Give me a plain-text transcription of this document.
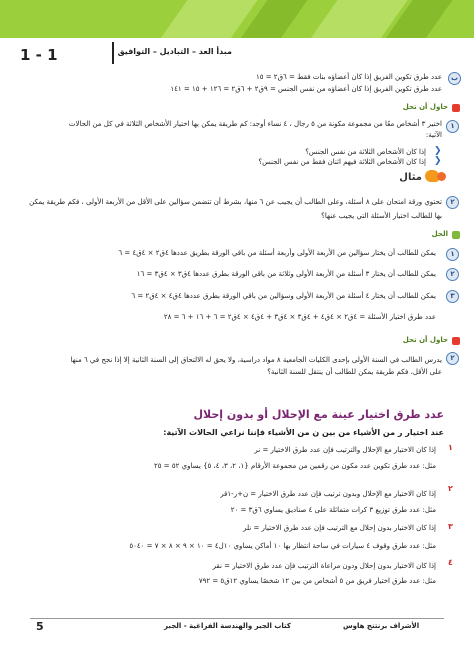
1 - 1	مبدأ العد – التباديل – التوافيق
ب
عدد طرق تكوين الفريق إذا كان أعضاؤه بنات فقط = ٦ق٢ = ١٥
عدد طرق تكوين الفريق إذا كان أعضاؤه من نفس الجنس = ٩ق٢ + ٦ق٢ = ١٢٦ + ١٥ = ١٤١
حاول أن تحل
١
اختير ٣ أشخاص معًا من مجموعة مكونة من ٥ رجال ، ٤ نساء أوجد: كم طريقة يمكن بها اختيار الأشخاص الثلاثة في كل من الحالات
الآتية:
❯
إذا كان الأشخاص الثلاثة من نفس الجنس؟
❯
إذا كان الأشخاص الثلاثة فيهم اثنان فقط من نفس الجنس؟
مثال
٢
تحتوي ورقة امتحان على ٨ أسئلة، وعلى الطالب أن يجيب عن ٦ منها، بشرط أن تتضمن سؤالين على الأقل من الأربعة الأولى ، فكم طريقة يمكن
بها للطالب اختيار الأسئلة التي يجيب عنها؟
الحل
١
يمكن للطالب أن يختار سؤالين من الأربعة الأولى وأربعة أسئلة من باقي الورقة بطريق عددها ٤ق٢ × ٤ق٤ = ٦
٢
يمكن للطالب أن يختار ٣ أسئلة من الأربعة الأولى وثلاثة من باقي الورقة بطرق عددها ٤ق٣ × ٤ق٣ = ١٦
٣
يمكن للطالب أن يختار ٤ أسئلة من الأربعة الأولى وسؤالين من باقي الورقة بطرق عددها ٤ق٤ × ٤ق٢ = ٦
عدد طرق اختيار الأسئلة = ٤ق٢ × ٤ق٤ + ٤ق٣ × ٤ق٣ + ٤ق٤ × ٤ق٢ = ٦ + ١٦ + ٦ = ٢٨
حاول أن تحل
٢
يدرس الطالب في السنة الأولى بإحدى الكليات الجامعية ٨ مواد دراسية، ولا يحق له الالتحاق إلى السنة الثانية إلا إذا نجح في ٦ منها
على الأقل، فكم طريقة يمكن للطالب أن ينتقل للسنة الثانية؟
عدد طرق اختيار عينة مع الإحلال أو بدون إحلال
عند اختيار ر من الأشياء من بين ن من الأشياء فإننا نراعي الحالات الآتية:
١
إذا كان الاختيار مع الإحلال والترتيب فإن عدد طرق الاختيار = نر
مثل: عدد طرق تكوين عدد مكون من رقمين من مجموعة الأرقام {١، ٢، ٣، ٤، ٥} يساوي ٥٢ = ٢٥
٢
إذا كان الاختيار مع الإحلال وبدون ترتيب فإن عدد طرق الاختيار = ن+ر-١قر
مثل: عدد طرق توزيع ٣ كرات متماثلة على ٤ صناديق يساوي ٦ق٣ = ٢٠
٣
إذا كان الاختيار بدون إحلال مع الترتيب فإن عدد طرق الاختيار = نلر
مثل: عدد طرق وقوف ٤ سيارات في ساحة انتظار بها ١٠ أماكن يساوي ١٠ل٤ = ١٠ × ٩ × ٨ × ٧ = ٥٠٤٠
٤
إذا كان الاختيار بدون إحلال ودون مراعاة الترتيب فإن عدد طرق الاختيار = نقر
مثل: عدد طرق اختيار فريق من ٥ أشخاص من بين ١٢ شخصًا يساوي ١٢ق٥ = ٧٩٢
5	كتاب الجبر والهندسة الفراغية - الجبر	الأشراف برنتنج هاوس
